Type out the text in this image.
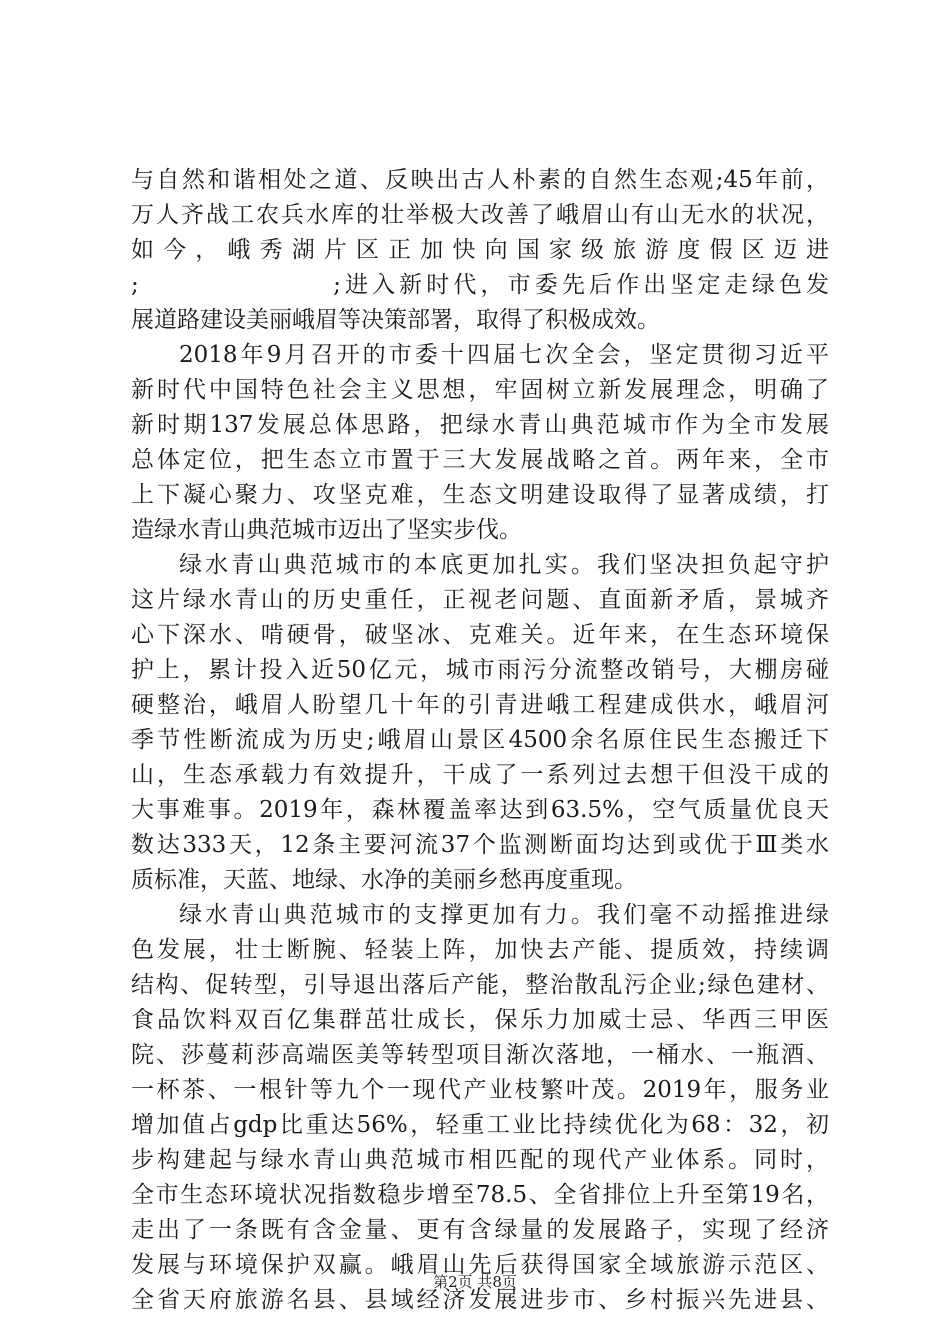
与自然和谐相处之道、反映出古人朴素的自然生态观;45年前，
万人齐战工农兵水库的壮举极大改善了峨眉山有山无水的状况，
如 今 ， 峨 秀 湖 片 区 正 加 快 向 国 家 级 旅 游 度 假 区 迈 进
;                 ;进入新时代，市委先后作出坚定走绿色发
展道路建设美丽峨眉等决策部署，取得了积极成效。
2018年9月召开的市委十四届七次全会，坚定贯彻习近平
新时代中国特色社会主义思想，牢固树立新发展理念，明确了
新时期137发展总体思路，把绿水青山典范城市作为全市发展
总体定位，把生态立市置于三大发展战略之首。两年来，全市
上下凝心聚力、攻坚克难，生态文明建设取得了显著成绩，打
造绿水青山典范城市迈出了坚实步伐。
绿水青山典范城市的本底更加扎实。我们坚决担负起守护
这片绿水青山的历史重任，正视老问题、直面新矛盾，景城齐
心下深水、啃硬骨，破坚冰、克难关。近年来，在生态环境保
护上，累计投入近50亿元，城市雨污分流整改销号，大棚房碰
硬整治，峨眉人盼望几十年的引青进峨工程建成供水，峨眉河
季节性断流成为历史;峨眉山景区4500余名原住民生态搬迁下
山，生态承载力有效提升，干成了一系列过去想干但没干成的
大事难事。2019年，森林覆盖率达到63.5%，空气质量优良天
数达333天，12条主要河流37个监测断面均达到或优于Ⅲ类水
质标准，天蓝、地绿、水净的美丽乡愁再度重现。
绿水青山典范城市的支撑更加有力。我们毫不动摇推进绿
色发展，壮士断腕、轻装上阵，加快去产能、提质效，持续调
结构、促转型，引导退出落后产能，整治散乱污企业;绿色建材、
食品饮料双百亿集群茁壮成长，保乐力加威士忌、华西三甲医
院、莎蔓莉莎高端医美等转型项目渐次落地，一桶水、一瓶酒、
一杯茶、一根针等九个一现代产业枝繁叶茂。2019年，服务业
增加值占gdp比重达56%，轻重工业比持续优化为68：32，初
步构建起与绿水青山典范城市相匹配的现代产业体系。同时，
全市生态环境状况指数稳步增至78.5、全省排位上升至第19名，
走出了一条既有含金量、更有含绿量的发展路子，实现了经济
发展与环境保护双赢。峨眉山先后获得国家全域旅游示范区、
全省天府旅游名县、县域经济发展进步市、乡村振兴先进县、
第2页 共8页
